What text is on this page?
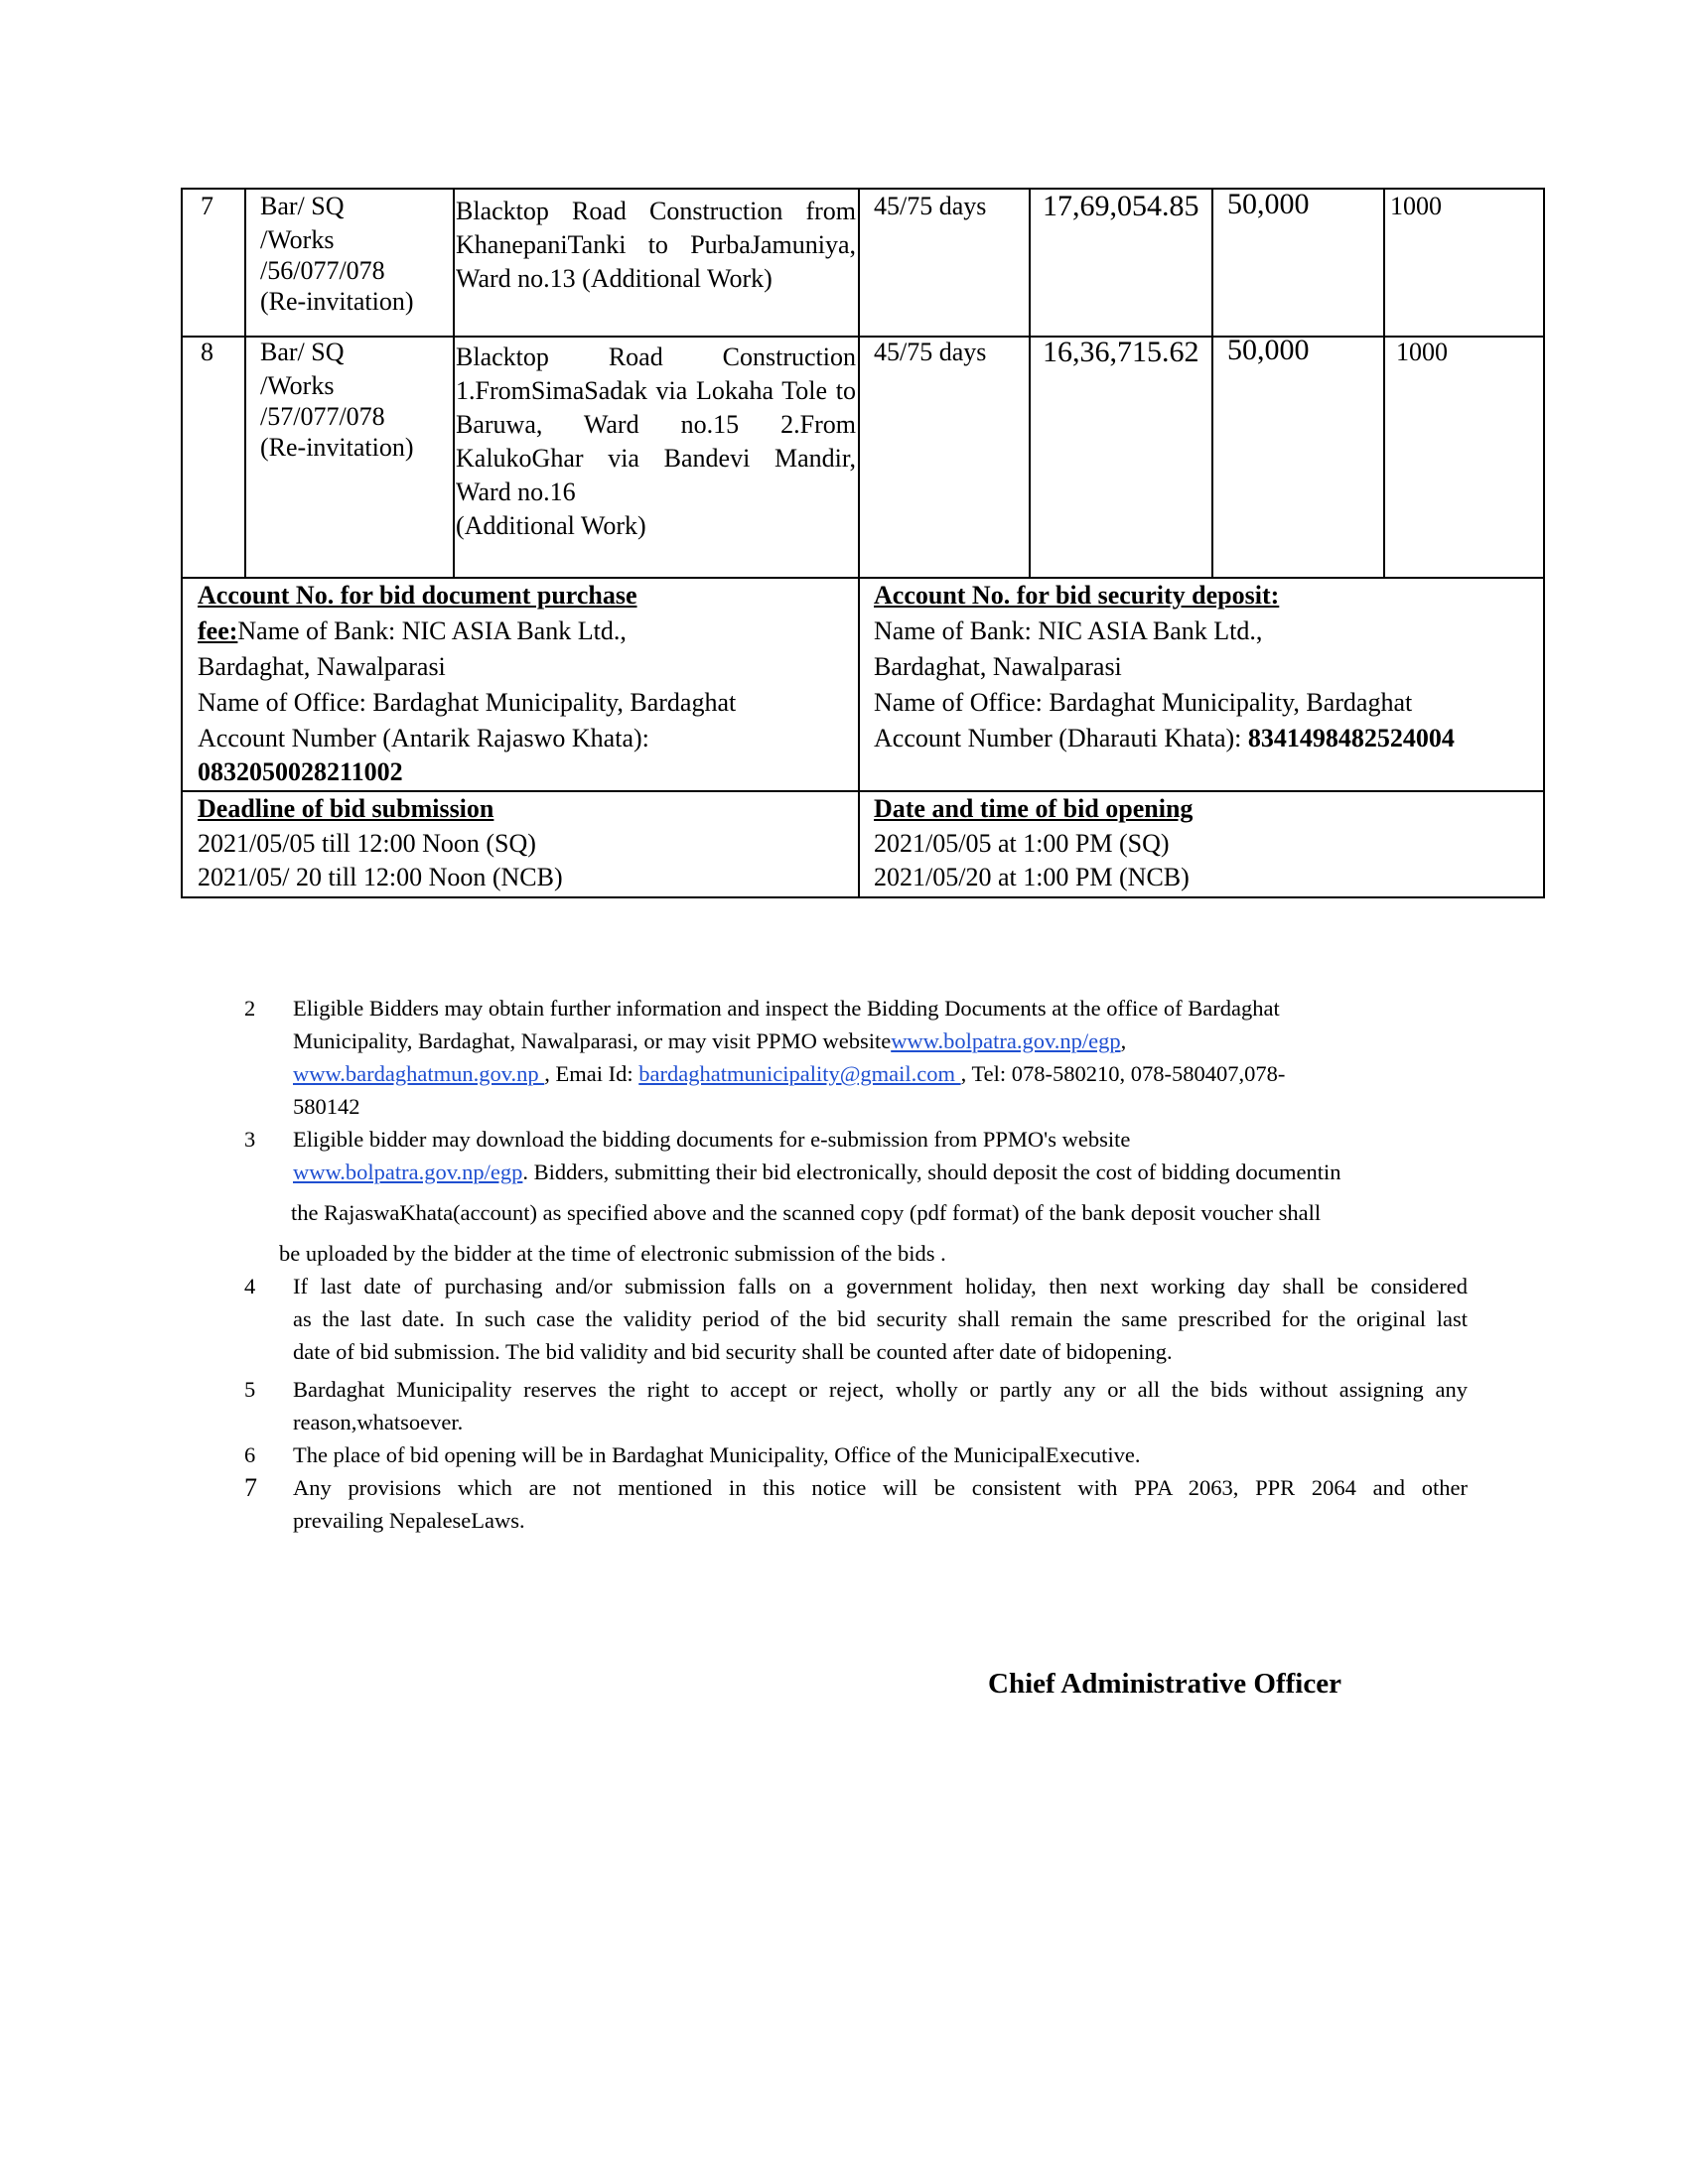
7 Bar/ SQ
/Works
/56/077/078
(Re-invitation)
Blacktop Road Construction from KhanepaniTanki to PurbaJamuniya,
Ward no.13 (Additional Work)
45/75 days 17,69,054.85 50,000	1000
8 Bar/ SQ
/Works
/57/077/078
(Re-invitation)
Blacktop Road Construction 1.FromSimaSadak via Lokaha Tole to Baruwa, Ward no.15 2.From KalukoGhar via Bandevi Mandir,
Ward no.16
(Additional Work)
45/75 days 16,36,715.62 50,000	1000
Account No. for bid document purchase
fee:Name of Bank: NIC ASIA Bank Ltd.,
Bardaghat, Nawalparasi
Name of Office: Bardaghat Municipality, Bardaghat
Account Number (Antarik Rajaswo Khata):
0832050028211002
Account No. for bid security deposit:
Name of Bank: NIC ASIA Bank Ltd.,
Bardaghat, Nawalparasi
Name of Office: Bardaghat Municipality, Bardaghat
Account Number (Dharauti Khata): 8341498482524004
Deadline of bid submission
2021/05/05 till 12:00 Noon (SQ)
2021/05/ 20 till 12:00 Noon (NCB)
Date and time of bid opening
2021/05/05 at 1:00 PM (SQ)
2021/05/20 at 1:00 PM (NCB)
2 Eligible Bidders may obtain further information and inspect the Bidding Documents at the office of Bardaghat
Municipality, Bardaghat, Nawalparasi, or may visit PPMO websitewww.bolpatra.gov.np/egp,
www.bardaghatmun.gov.np , Emai Id: bardaghatmunicipality@gmail.com , Tel: 078-580210, 078-580407,078-
580142
3 Eligible bidder may download the bidding documents for e-submission from PPMO's website
www.bolpatra.gov.np/egp. Bidders, submitting their bid electronically, should deposit the cost of bidding documentin
the RajaswaKhata(account) as specified above and the scanned copy (pdf format) of the bank deposit voucher shall
be uploaded by the bidder at the time of electronic submission of the bids .
4 If last date of purchasing and/or submission falls on a government holiday, then next working day shall be considered
as the last date. In such case the validity period of the bid security shall remain the same prescribed for the original last
date of bid submission. The bid validity and bid security shall be counted after date of bidopening.
5 Bardaghat Municipality reserves the right to accept or reject, wholly or partly any or all the bids without assigning any
reason,whatsoever.
6 The place of bid opening will be in Bardaghat Municipality, Office of the MunicipalExecutive.
7 Any provisions which are not mentioned in this notice will be consistent with PPA 2063, PPR 2064 and other
prevailing NepaleseLaws.
Chief Administrative Officer
